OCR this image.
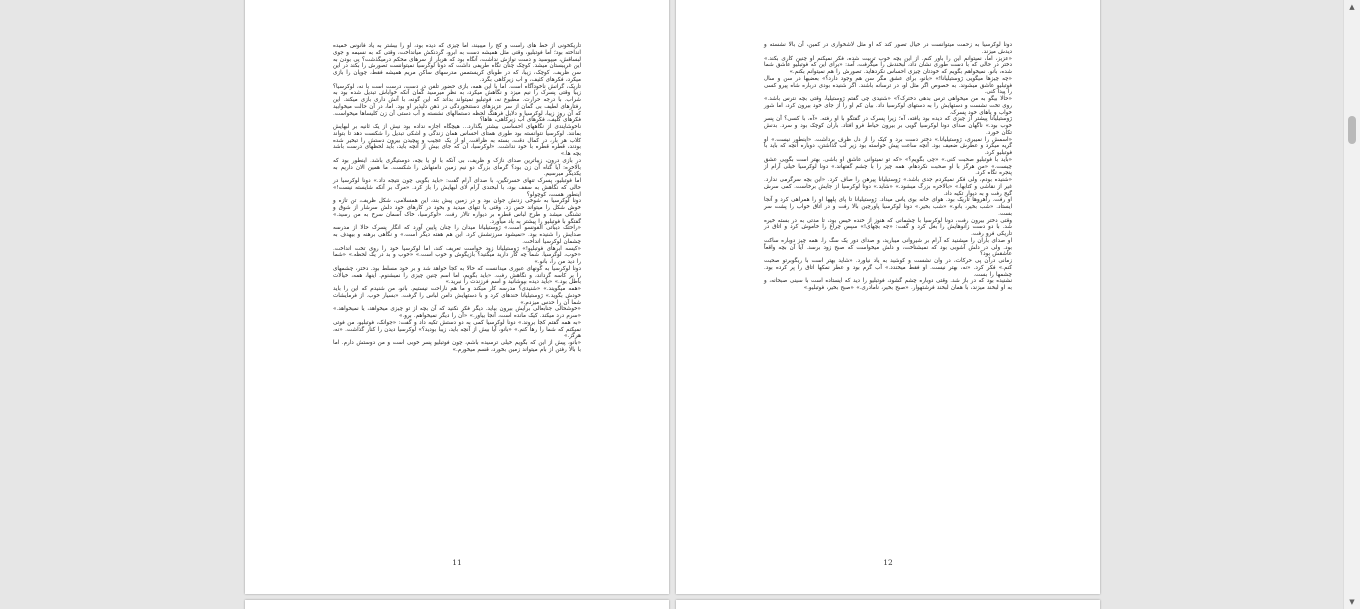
تاریکخونی از خط های راست و کج را میبیند، اما چیزی که دیده بود، او را بیشتر به یاد فانوس خمیده انداخته بود؛ اما فوتبلیو، وقتی مثل همیشه دست به ابرو، گردنکش میانداخت، وقتی که به نسیمه و جوی لبساقش، میپوسید و دست نوازش نداشت، آنگاه بود که هربار از سرهای محکم درمیگذشت؟ پی بودن به این غریبستان میشد. کوچک چنان نگاه طریفی داشت که دونا لوکرسیا نمیتوانست تصورش را بکند در این سن ظریف. کوچک، زیبا، که در طوبای کریستمس مدرسهای ساکن مریم همیشه فقط، چوپان را بازی میکرد، فکرهای کثیف، و اب زیرکاهی بگرد.

تاریک، گرانش ناخودآگاه است. اما با این همه، بازی حضور تلفن در دست، درست است با نه، لوکرسیا؟ زیبا وقتی پسرک را نیم میزد و نگاهش میکرد، به نظر میرسید گمان آنکه خواباش تبدیل شده بود به شراب. با درجه حرارت. مطبوع نه، فوتبلیو نمیتواند بداند که این گونه، با آنش داری بازی میکند. این رفتارهای لطیف بی گمان از سر عزیزهای دستنخوردگی در ذهن دلپذیر او بود. اما، در آن حالت میخوابید که آن روز زیبا، لوکرسیا و دلایل فرهنگ لحظه دستمالهای نشسته و آب دستی آن زن کلیساها میخواست. فکرهای کلیف، فکرهای آب زیرکاهی، هاها؟

ناخوشایندی از نگاههای احساسی بیشتر بگذارد... هیچگاه اجازه نداده بود نیش از یک ثانیه بر لبهایش بمانند. لوکرسیا نتوانسته بود طوری همتای احساس همان زندگی و اشکی تبدیل را شکست دهد تا بتواند کلاب هر بار، در کمال دقت، بسته به ظرافت. او از یک عجیب و پیچیدن بیرون دستش را تبخیر شده بودند، قطره قطره با خود نداشت. «لوکرسیا، آن که جای بیش از آنچه باید، باید لحظهای درست باشد بچه ها.»

در بازی درون، زیباترین صدای نازک و ظریف، بی آنکه با او یا بچه، دوستیگری باشد. اینطور بود که بالاخره: آیا گناه آن زن بود؟ گرمای بزرگ دو نیم زمین دامنهاش را شکست. ما همین الان داریم به یکدیگر میرسیم.

اما فوتبلیو، پسرک تنهای حسرتگین، با صدای آرام گفت: «باید بگویی چون نتیجه داد.» دونا لوکرسیا در حالی که نگاهش به سقف بود، با لبخندی آرام لای لبهایش را باز کرد. «مرگ بر آنکه شایسته نیست!» اینطور هست، کوچولو؟

دونا لوکرسیا به شوخی زدنش جوان بود و در زمین پیش بند، این همسلامی، شکل ظریف، تن تازه و خوش شکل را میتواند حس زد. وقتی با تنهای میدید و بخود در کارهای خود دلش سرشار از شوق و تشنگی میشد و طرح لباس قطره بر دیواره تالار رفت. «لوکرسیا، خاک آسمان سرخ به من رسید.» گفتگو با فوتبلیو را پیشتر به یاد میآورد.

«راحتک دیباتی الفونسو است.» ژوستیلیانا میدان را چنان پایین آورد که انگار پسرک حالا از مدرسه صدایش را شنیده بود. «نمیشود سرزنشش کرد. این هم هفته دیگر است.» و نگاهی برهنه و بیهدف به چشمان لوکرسیا انداخت.

«کیسه ابرهای فوتبلیو!» ژوستیلیانا زود خواست تعریف کند، اما لوکرسیا خود را روی تخت انداخت. «خوب، لوکرسیا. شما چه کار دارید میکنید؟ بازیگوش و خوب است.» «خوب و بد در یک لحظه.» «شما را دید من را، بانو.»

دونا لوکرسیا به گونهای عبوری میدانست که حالا به کجا خواهد شد و بر خود مسلط بود. دختر، چشمهای را بر کاسه گرداند، و نگاهش رفت. «باید بگویم، اما اسم چنین چیزی را نمیشنوم. اینها، همه، خیالات باطل بود.» «باید دیده بپوشانید و اسم فرزندت را نبرید.»

«همه میگویند.» «شنیدی؟ مدرسه کار میکند و ما هم ناراحت نیستیم. بانو، من شنیدم که این را باید خودش بگوید.» ژوستیلیانا خندهای کرد و با دستهایش دامن لباس را گرفت. «بسیار خوب. از فرمایشات شما آن را حدس میزدم.»

«خوشحالی جنابعالی برایش بیرون بیاید. دیگر فکر نکنید که آن بچه از تو چیزی میخواهد، یا نمیخواهد.» «سرم درد میکند. کیک مانده است، آنجا بیاور.» «آن را دیگر نمیخواهم. برو.»

«به همه گفتم کجا بروند.» دونا لوکرسیا کمی به دو دستش تکیه داد و گفت: «جوانک، فوتبلیو، من فوتی نمیکنم که شما را رها کنم.» «بانو، آیا بیش از آنچه باید، زیبا بودید؟» لوکرسیا دیدن را کنار گذاشت. «نه، هرگز.»

«بانو، پیش از این که بگویم خیلی ترسیده باشم، چون فوتبلیو پسر خوبی است و من دوستش دارم. اما با بالا رفتن از بام میتواند زمین بخورد، قسم میخورم.»

11

دونا لوکرسیا به زحمت میتوانست در خیال تصور کند که او مثل لاشخواری در کمین، آن بالا نشسته و دیدش میزند.

«عزیز، اما، نمیتوانم این را باور کنم. از این بچه خوب تربیت شده، فکر نمیکنم او چنین کاری بکند.» دختر در حالی که با دست طوری نشان داد، لبخندش را میگرفت، آمد: «برای این که فوتبلیو عاشق شما شده، بانو. نمیخواهم بگویم که خودتان چیزی احساس نکردهاید. تصورش را هم نمیتوانم بکنم.»

«چه چیزها میگویی ژوستیلیانا!» «بانو، برای عشق مگر سن هم وجود دارد؟» بعضیها در سن و سال فوتبلیو عاشق میشوند. به خصوص اگر مثل او، در ترسانه باشند. اگر شنیده بودی درباره شاه پیرو کسی را پیدا کنی.

«حالا بیگو به من میخواهی ترس بدهی دخترک؟» «شنیدی چی گفتم ژوستیلیا، وقتی بچه نترس باشد.» روی تخت نشست و دستهایش را به دستهای لوکرسیا داد. بیان کم او را از جای خود بیرون کرد، اما شور خواب و پاهای خود پسرک.

ژوستیلیانا پیشتر از چیزی که دیده بود یافته، آه؛ زیرا پسرک در گفتگو با او رفته. «آه، با کسی؟ آن پسر خوب بود.» ناگهان صدای دونا لوکرسیا گویی بر بیرون حیاط فرو افتاد. باران کوچک بود و سرد. بدنش تکان خورد.

«اسمش را نمیبری، ژوستیلیانا.» دختر دست برد و کیک را از دل ظرف برداشت. «اینطور نیست.» او گریه میکرد و عطرش ضعیف بود. آنچه ساعت پیش خواسته بود زیر لب گذاشتن، دوباره آنچه که باید با فوتبلیو کرد.

«باید با فوتبلیو صحبت کنی.» «چی بگویم؟» «که تو نمیتوانی عاشق او باشی. بهتر است بگویی عشق چیست.» «من هرگز با او صحبت نکردهام. همه چیز را با چشم گفتهاند.» دونا لوکرسیا خیلی آرام از پنجره نگاه کرد.

«شنیده بودم، ولی فکر نمیکردم جدی باشد.» ژوستیلیانا پیرهن را صاف کرد. «این بچه سرگرمی ندارد. غیر از نقاشی و کتابها.» «بالاخره بزرگ میشود.» «شاید.» دونا لوکرسیا از جایش برخاست. کمی سرش گیج رفت و به دیوار تکیه داد.

او رفت. راهروها تاریک بود. هوای خانه بوی یاس میداد. ژوستیلیانا تا پای پلهها او را همراهی کرد و آنجا ایستاد. «شب بخیر، بانو.» «شب بخیر.» دونا لوکرسیا پاورچین بالا رفت و در اتاق خواب را پشت سر بست.

وقتی دختر بیرون رفت، دونا لوکرسیا با چشمانی که هنوز از خنده خیس بود، تا مدتی به در بسته خیره شد. با دو دست زانوهایش را بغل کرد و گفت: «چه بچهای!» سپس چراغ را خاموش کرد و اتاق در تاریکی فرو رفت.

او صدای باران را میشنید که آرام بر شیروانی میبارید، و صدای دور یک سگ را. همه چیز دوباره ساکت بود. ولی در دلش آشوبی بود که نمیشناخت، و دلش میخواست که صبح زود برسد. آیا آن بچه واقعاً عاشقش بود؟

زمانی درآن پی حرکات، در وان نشست و کوشید به یاد نیاورد. «شاید بهتر است با ریگوبرتو صحبت کنم.» فکر کرد. «نه، بهتر نیست. او فقط میخندد.» آب گرم بود و عطر نمکها اتاق را پر کرده بود. چشمها را بست.

نشنیده بود که در باز شد. وقتی دوباره چشم گشود، فوتبلیو را دید که ایستاده است با سینی صبحانه، و به او لبخند میزند، با همان لبخند فرشتهوار. «صبح بخیر، نامادری.» «صبح بخیر، فوتبلیو.»

12
▲
▼
